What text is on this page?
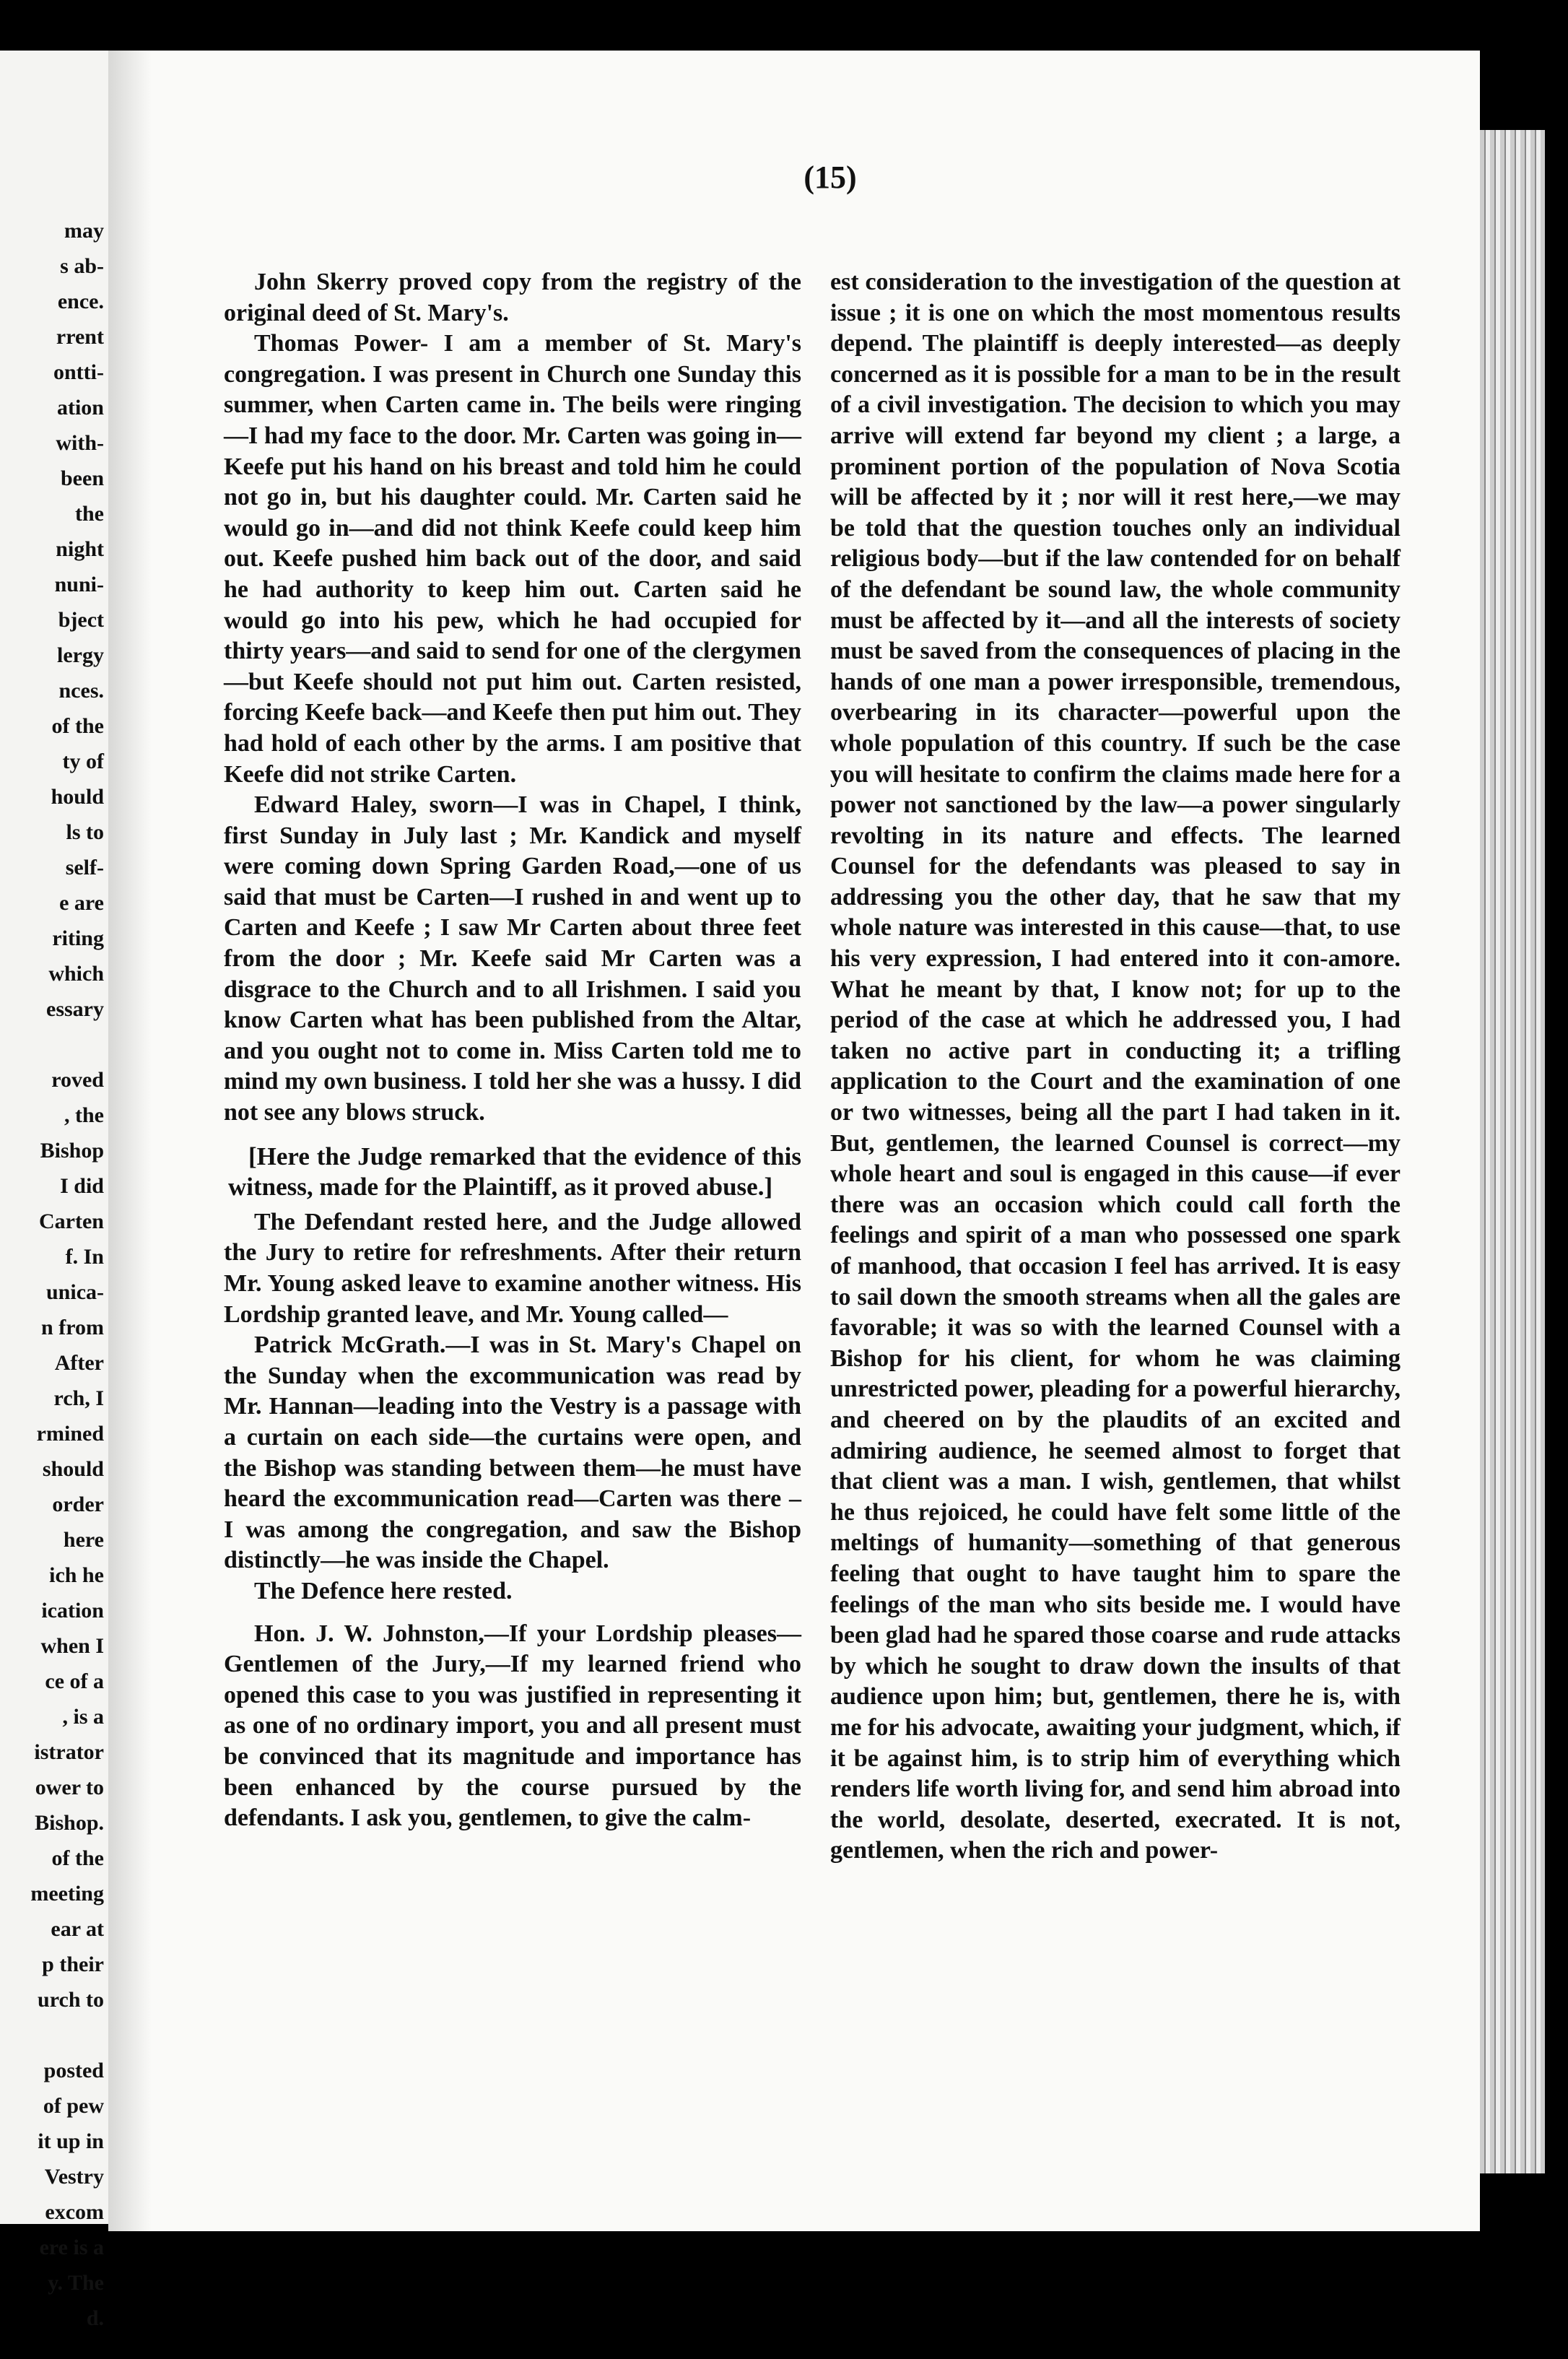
may
s ab-
ence.
rrent
ontti-
ation
with-
been
the
night
nuni-
bject
lergy
nces.
of the
ty of
hould
ls to
self-
e are
riting
which
essary
roved
, the
Bishop
I did
Carten
f. In
unica-
n from
After
rch, I
rmined
should
order
here
ich he
ication
when I
ce of a
, is a
istrator
ower to
Bishop.
of the
meeting
ear at
p their
urch to
posted
of pew
it up in
Vestry
excom
ere is a
y. The
d.
(15)

John Skerry proved copy from the registry of the original deed of St. Mary's.

Thomas Power- I am a member of St. Mary's congregation. I was present in Church one Sunday this summer, when Carten came in. The beils were ringing—I had my face to the door. Mr. Carten was going in—Keefe put his hand on his breast and told him he could not go in, but his daughter could. Mr. Carten said he would go in—and did not think Keefe could keep him out. Keefe pushed him back out of the door, and said he had authority to keep him out. Carten said he would go into his pew, which he had occupied for thirty years—and said to send for one of the clergymen—but Keefe should not put him out. Carten resisted, forcing Keefe back—and Keefe then put him out. They had hold of each other by the arms. I am positive that Keefe did not strike Carten.

Edward Haley, sworn—I was in Chapel, I think, first Sunday in July last ; Mr. Kandick and myself were coming down Spring Garden Road,—one of us said that must be Carten—I rushed in and went up to Carten and Keefe ; I saw Mr Carten about three feet from the door ; Mr. Keefe said Mr Carten was a disgrace to the Church and to all Irishmen. I said you know Carten what has been published from the Altar, and you ought not to come in. Miss Carten told me to mind my own business. I told her she was a hussy. I did not see any blows struck.

[Here the Judge remarked that the evidence of this witness, made for the Plaintiff, as it proved abuse.]

The Defendant rested here, and the Judge allowed the Jury to retire for refreshments. After their return Mr. Young asked leave to examine another witness. His Lordship granted leave, and Mr. Young called—

Patrick McGrath.—I was in St. Mary's Chapel on the Sunday when the excommunication was read by Mr. Hannan—leading into the Vestry is a passage with a curtain on each side—the curtains were open, and the Bishop was standing between them—he must have heard the excommunication read—Carten was there – I was among the congregation, and saw the Bishop distinctly—he was inside the Chapel.

The Defence here rested.

Hon. J. W. Johnston,—If your Lordship pleases—Gentlemen of the Jury,—If my learned friend who opened this case to you was justified in representing it as one of no ordinary import, you and all present must be convinced that its magnitude and importance has been enhanced by the course pursued by the defendants. I ask you, gentlemen, to give the calm-

est consideration to the investigation of the question at issue ; it is one on which the most momentous results depend. The plaintiff is deeply interested—as deeply concerned as it is possible for a man to be in the result of a civil investigation. The decision to which you may arrive will extend far beyond my client ; a large, a prominent portion of the population of Nova Scotia will be affected by it ; nor will it rest here,—we may be told that the question touches only an individual religious body—but if the law contended for on behalf of the defendant be sound law, the whole community must be affected by it—and all the interests of society must be saved from the consequences of placing in the hands of one man a power irresponsible, tremendous, overbearing in its character—powerful upon the whole population of this country. If such be the case you will hesitate to confirm the claims made here for a power not sanctioned by the law—a power singularly revolting in its nature and effects. The learned Counsel for the defendants was pleased to say in addressing you the other day, that he saw that my whole nature was interested in this cause—that, to use his very expression, I had entered into it con-amore. What he meant by that, I know not; for up to the period of the case at which he addressed you, I had taken no active part in conducting it; a trifling application to the Court and the examination of one or two witnesses, being all the part I had taken in it. But, gentlemen, the learned Counsel is correct—my whole heart and soul is engaged in this cause—if ever there was an occasion which could call forth the feelings and spirit of a man who possessed one spark of manhood, that occasion I feel has arrived. It is easy to sail down the smooth streams when all the gales are favorable; it was so with the learned Counsel with a Bishop for his client, for whom he was claiming unrestricted power, pleading for a powerful hierarchy, and cheered on by the plaudits of an excited and admiring audience, he seemed almost to forget that that client was a man. I wish, gentlemen, that whilst he thus rejoiced, he could have felt some little of the meltings of humanity—something of that generous feeling that ought to have taught him to spare the feelings of the man who sits beside me. I would have been glad had he spared those coarse and rude attacks by which he sought to draw down the insults of that audience upon him; but, gentlemen, there he is, with me for his advocate, awaiting your judgment, which, if it be against him, is to strip him of everything which renders life worth living for, and send him abroad into the world, desolate, deserted, execrated. It is not, gentlemen, when the rich and power-
